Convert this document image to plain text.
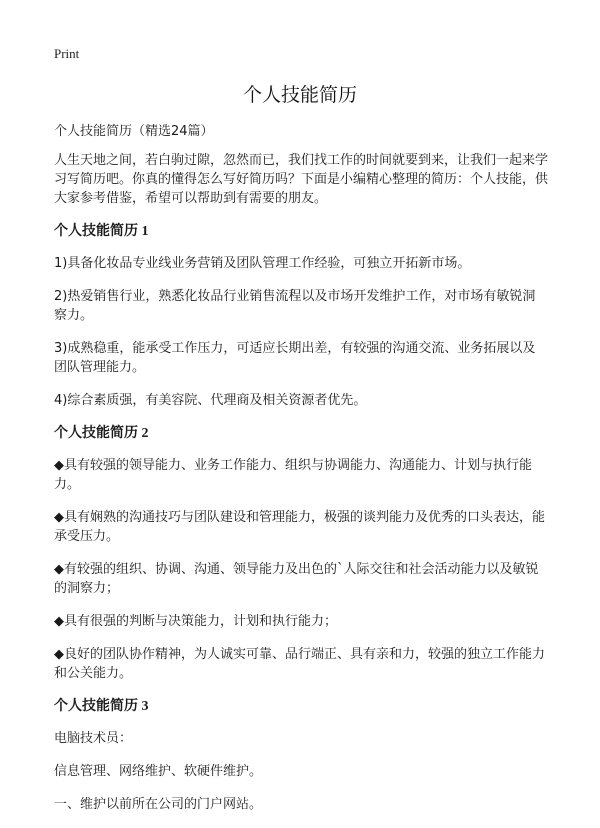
Print
个人技能简历

个人技能简历（精选24篇）

人生天地之间，若白驹过隙，忽然而已，我们找工作的时间就要到来，让我们一起来学习写简历吧。你真的懂得怎么写好简历吗？下面是小编精心整理的简历：个人技能，供大家参考借鉴，希望可以帮助到有需要的朋友。

个人技能简历 1

1)具备化妆品专业线业务营销及团队管理工作经验，可独立开拓新市场。

2)热爱销售行业，熟悉化妆品行业销售流程以及市场开发维护工作，对市场有敏锐洞察力。

3)成熟稳重，能承受工作压力，可适应长期出差，有较强的沟通交流、业务拓展以及团队管理能力。

4)综合素质强，有美容院、代理商及相关资源者优先。

个人技能简历 2

◆具有较强的领导能力、业务工作能力、组织与协调能力、沟通能力、计划与执行能力。

◆具有娴熟的沟通技巧与团队建设和管理能力，极强的谈判能力及优秀的口头表达，能承受压力。

◆有较强的组织、协调、沟通、领导能力及出色的`人际交往和社会活动能力以及敏锐的洞察力；

◆具有很强的判断与决策能力，计划和执行能力；

◆良好的团队协作精神，为人诚实可靠、品行端正、具有亲和力，较强的独立工作能力和公关能力。

个人技能简历 3

电脑技术员：

信息管理、网络维护、软硬件维护。

一、维护以前所在公司的门户网站。
